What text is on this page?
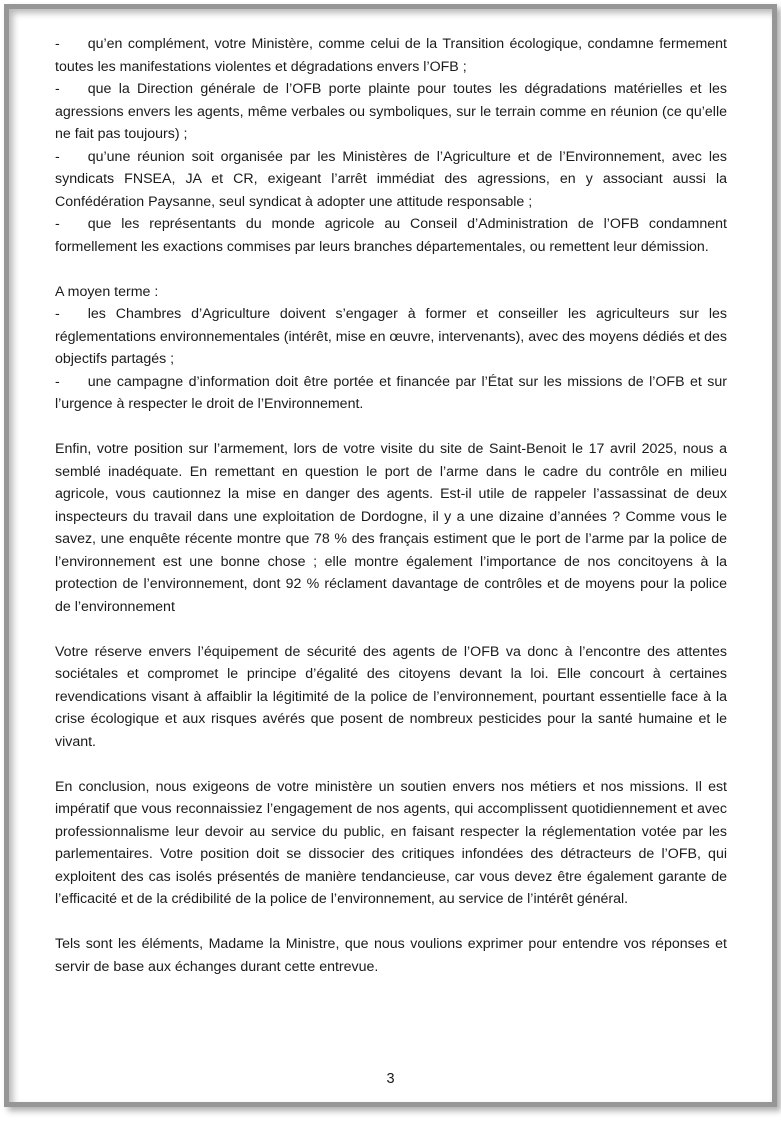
- qu’en complément, votre Ministère, comme celui de la Transition écologique, condamne fermement toutes les manifestations violentes et dégradations envers l’OFB ;
- que la Direction générale de l’OFB porte plainte pour toutes les dégradations matérielles et les agressions envers les agents, même verbales ou symboliques, sur le terrain comme en réunion (ce qu’elle ne fait pas toujours) ;
- qu’une réunion soit organisée par les Ministères de l’Agriculture et de l’Environnement, avec les syndicats FNSEA, JA et CR, exigeant l’arrêt immédiat des agressions, en y associant aussi la Confédération Paysanne, seul syndicat à adopter une attitude responsable ;
- que les représentants du monde agricole au Conseil d’Administration de l’OFB condamnent formellement les exactions commises par leurs branches départementales, ou remettent leur démission.
A moyen terme :
- les Chambres d’Agriculture doivent s’engager à former et conseiller les agriculteurs sur les réglementations environnementales (intérêt, mise en œuvre, intervenants), avec des moyens dédiés et des objectifs partagés ;
- une campagne d’information doit être portée et financée par l’État sur les missions de l’OFB et sur l’urgence à respecter le droit de l’Environnement.
Enfin, votre position sur l’armement, lors de votre visite du site de Saint-Benoit le 17 avril 2025, nous a semblé inadéquate. En remettant en question le port de l’arme dans le cadre du contrôle en milieu agricole, vous cautionnez la mise en danger des agents. Est-il utile de rappeler l’assassinat de deux inspecteurs du travail dans une exploitation de Dordogne, il y a une dizaine d’années ? Comme vous le savez, une enquête récente montre que 78 % des français estiment que le port de l’arme par la police de l’environnement est une bonne chose ; elle montre également l’importance de nos concitoyens à la protection de l’environnement, dont 92 % réclament davantage de contrôles et de moyens pour la police de l’environnement
Votre réserve envers l’équipement de sécurité des agents de l’OFB va donc à l’encontre des attentes sociétales et compromet le principe d’égalité des citoyens devant la loi. Elle concourt à certaines revendications visant à affaiblir la légitimité de la police de l’environnement, pourtant essentielle face à la crise écologique et aux risques avérés que posent de nombreux pesticides pour la santé humaine et le vivant.
En conclusion, nous exigeons de votre ministère un soutien envers nos métiers et nos missions. Il est impératif que vous reconnaissiez l’engagement de nos agents, qui accomplissent quotidiennement et avec professionnalisme leur devoir au service du public, en faisant respecter la réglementation votée par les parlementaires. Votre position doit se dissocier des critiques infondées des détracteurs de l’OFB, qui exploitent des cas isolés présentés de manière tendancieuse, car vous devez être également garante de l’efficacité et de la crédibilité de la police de l’environnement, au service de l’intérêt général.
Tels sont les éléments, Madame la Ministre, que nous voulions exprimer pour entendre vos réponses et servir de base aux échanges durant cette entrevue.
3
